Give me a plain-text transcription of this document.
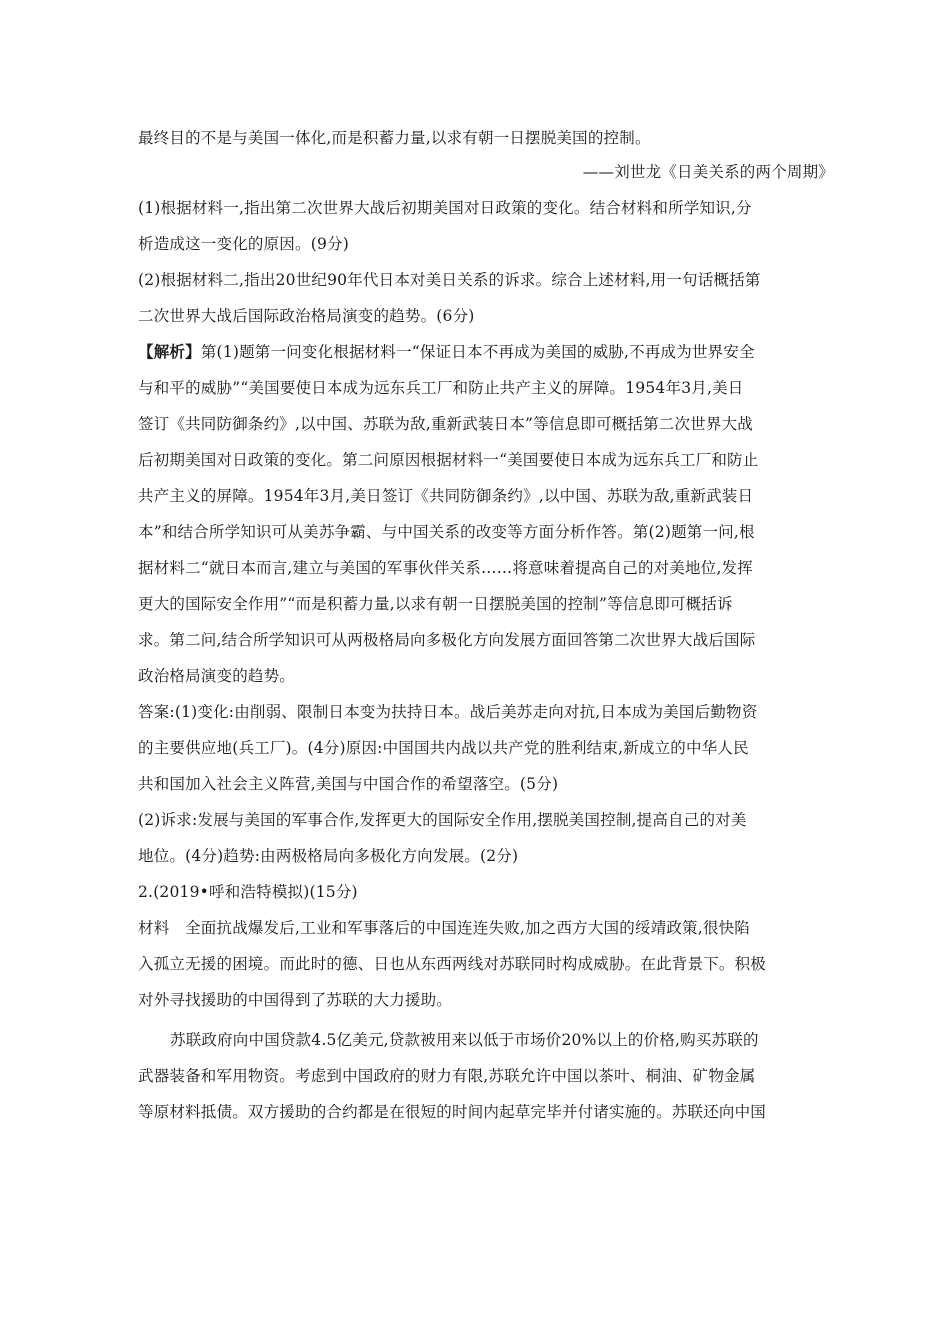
最终目的不是与美国一体化,而是积蓄力量,以求有朝一日摆脱美国的控制。
——刘世龙《日美关系的两个周期》
(1)根据材料一,指出第二次世界大战后初期美国对日政策的变化。结合材料和所学知识,分
析造成这一变化的原因。(9分)
(2)根据材料二,指出20世纪90年代日本对美日关系的诉求。综合上述材料,用一句话概括第
二次世界大战后国际政治格局演变的趋势。(6分)
【解析】第(1)题第一问变化根据材料一“保证日本不再成为美国的威胁,不再成为世界安全
与和平的威胁”“美国要使日本成为远东兵工厂和防止共产主义的屏障。1954年3月,美日
签订《共同防御条约》,以中国、苏联为敌,重新武装日本”等信息即可概括第二次世界大战
后初期美国对日政策的变化。第二问原因根据材料一“美国要使日本成为远东兵工厂和防止
共产主义的屏障。1954年3月,美日签订《共同防御条约》,以中国、苏联为敌,重新武装日
本”和结合所学知识可从美苏争霸、与中国关系的改变等方面分析作答。第(2)题第一问,根
据材料二“就日本而言,建立与美国的军事伙伴关系……将意味着提高自己的对美地位,发挥
更大的国际安全作用”“而是积蓄力量,以求有朝一日摆脱美国的控制”等信息即可概括诉
求。第二问,结合所学知识可从两极格局向多极化方向发展方面回答第二次世界大战后国际
政治格局演变的趋势。
答案:(1)变化:由削弱、限制日本变为扶持日本。战后美苏走向对抗,日本成为美国后勤物资
的主要供应地(兵工厂)。(4分)原因:中国国共内战以共产党的胜利结束,新成立的中华人民
共和国加入社会主义阵营,美国与中国合作的希望落空。(5分)
(2)诉求:发展与美国的军事合作,发挥更大的国际安全作用,摆脱美国控制,提高自己的对美
地位。(4分)趋势:由两极格局向多极化方向发展。(2分)
2.(2019•呼和浩特模拟)(15分)
材料　全面抗战爆发后,工业和军事落后的中国连连失败,加之西方大国的绥靖政策,很快陷
入孤立无援的困境。而此时的德、日也从东西两线对苏联同时构成威胁。在此背景下。积极
对外寻找援助的中国得到了苏联的大力援助。
苏联政府向中国贷款4.5亿美元,贷款被用来以低于市场价20%以上的价格,购买苏联的
武器装备和军用物资。考虑到中国政府的财力有限,苏联允许中国以茶叶、桐油、矿物金属
等原材料抵债。双方援助的合约都是在很短的时间内起草完毕并付诸实施的。苏联还向中国
